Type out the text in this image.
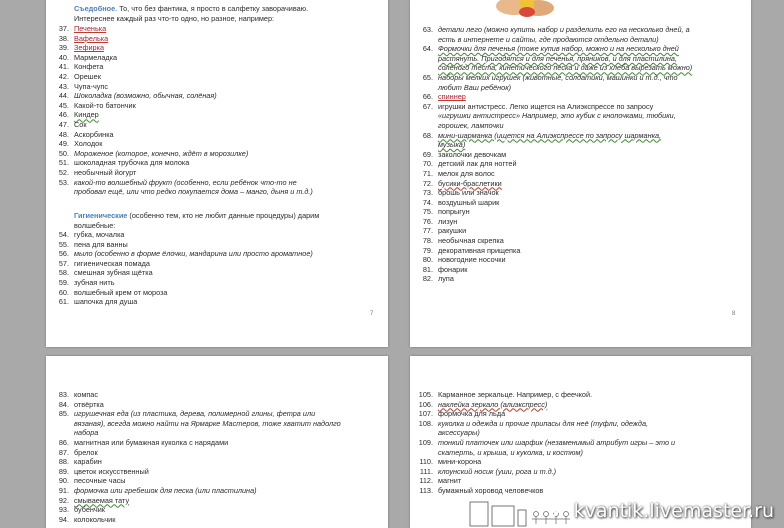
Съедобное. То, что без фантика, я просто в салфетку заворачиваю.
Интереснее каждый раз что-то одно, но разное, например:
37. Печенька
38. Вафелька
39. Зефирка
40. Мармеладка
41. Конфета
42. Орешек
43. Чупа-чупс
44. Шоколадка (возможно, обычная, солёная)
45. Какой-то батончик
46. Киндер
47. Сок
48. Аскорбинка
49. Холодок
50. Мороженое (которое, конечно, ждёт в морозилке)
51. шоколадная трубочка для молока
52. необычный йогурт
53. какой-то волшебный фрукт (особенно, если ребёнок что-то не
пробовал ещё, или что редко покупается дома – манго, дыня и т.д.)
Гигиенические (особенно тем, кто не любит данные процедуры) дарим
волшебные:
54. губка, мочалка
55. пена для ванны
56. мыло (особенно в форме ёлочки, мандарина или просто ароматное)
57. гигиеническая помада
58. смешная зубная щётка
59. зубная нить
60. волшебный крем от мороза
61. шапочка для душа
7
63. детали лего (можно купить набор и разделить его на несколько дней, а
есть в интернете и сайты, где продаются отдельно детали)
64. Формочки для печенья (тоже купив набор, можно и на несколько дней
растянуть. Пригодятся и для печенья, пряников, и для пластилина,
солёного теста, кинетического песка и даже из хлеба вырезать можно)
65. наборы мелких игрушек (животные, солдатики, машинки и т.д., что
любит Ваш ребёнок)
66. спиннер
67. игрушки антистресс. Легко ищется на Алиэкспрессе по запросу
«игрушки антистресс» Например, это кубик с кнопочками, тюбики,
горошек, лампочки
68. мини-шарманка (ищется на Алиэкспрессе по запросу шарманка,
музыка)
69. заколочки девочкам
70. детский лак для ногтей
71. мелок для волос
72. бусики-браслетики
73. брошь или значок
74. воздушный шарик
75. попрыгун
76. лизун
77. ракушки
78. необычная скрепка
79. декоративная прищепка
80. новогодние носочки
81. фонарик
82. лупа
8
83. компас
84. отвёртка
85. игрушечная еда (из пластика, дерева, полимерной глины, фетра или
вязаная), всегда можно найти на Ярмарке Мастеров, тоже хватит надолго
набора
86. магнитная или бумажная куколка с нарядами
87. брелок
88. карабин
89. цветок искусственный
90. песочные часы
91. формочка или гребешок для песка (или пластилина)
92. смываемая тату
93. бубенчик
94. колокольчик
105. Карманное зеркальце. Например, с феечкой.
106. наклейка зеркало (алиэкспресс)
107. формочка для льда
108. куколка и одежда и прочие припасы для неё (туфли, одежда,
аксессуары)
109. тонкий платочек или шарфик (незаменимый атрибут игры – это и
скатерть, и крыша, и куколка, и костюм)
110. мини-корона
111. клоунский носик (уши, рога и т.д.)
112. магнит
113. бумажный хоровод человечков
kvantik.livemaster.ru
